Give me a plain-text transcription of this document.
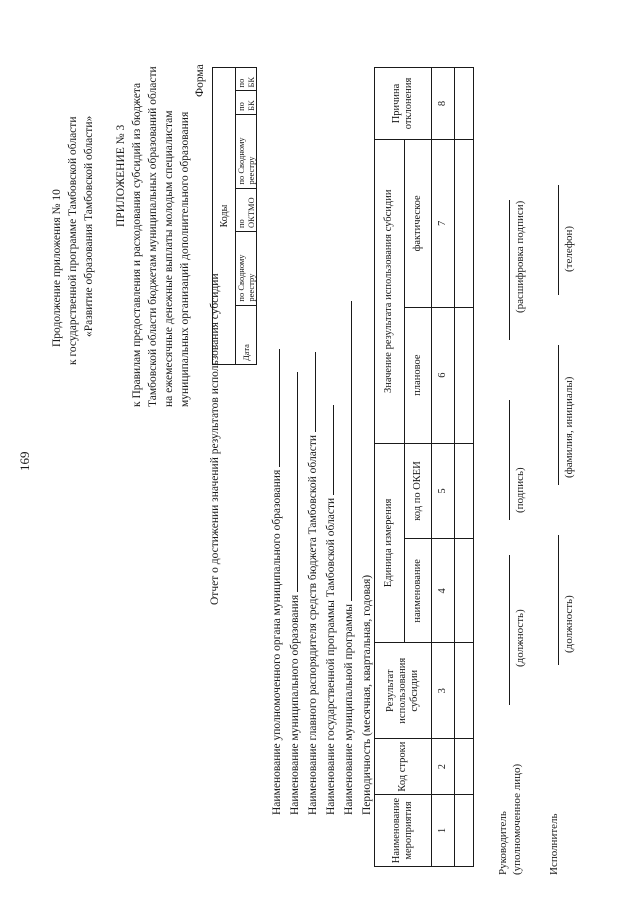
169
Продолжение приложения № 10 к государственной программе Тамбовской области «Развитие образования Тамбовской области» ПРИЛОЖЕНИЕ № 3 к Правилам предоставления и расходования субсидий из бюджета Тамбовской области бюджетам муниципальных образований области на ежемесячные денежные выплаты молодым специалистам муниципальных организаций дополнительного образования
Форма
Отчет о достижении значений результатов использования субсидии
Коды
Дата	по Сводному реестру	по ОКТМО	по Сводному реестру	по БК	по БК
Наименование уполномоченного органа муниципального образования Наименование муниципального образования Наименование главного распорядителя средств бюджета Тамбовской области Наименование государственной программы Тамбовской области Наименование муниципальной программы Периодичность (месячная, квартальная, годовая)
Наименование мероприятия	Код строки	Результат использования субсидии	Единица измерения		Значение результата использования субсидии		Причина отклонения
			наименование	код по ОКЕИ	плановое	фактическое	
1	2	3	4	5	6	7	8

Руководитель (уполномоченное лицо)
(должность)
(подпись)
(расшифровка подписи)
Исполнитель
(должность)
(фамилия, инициалы)
(телефон)
